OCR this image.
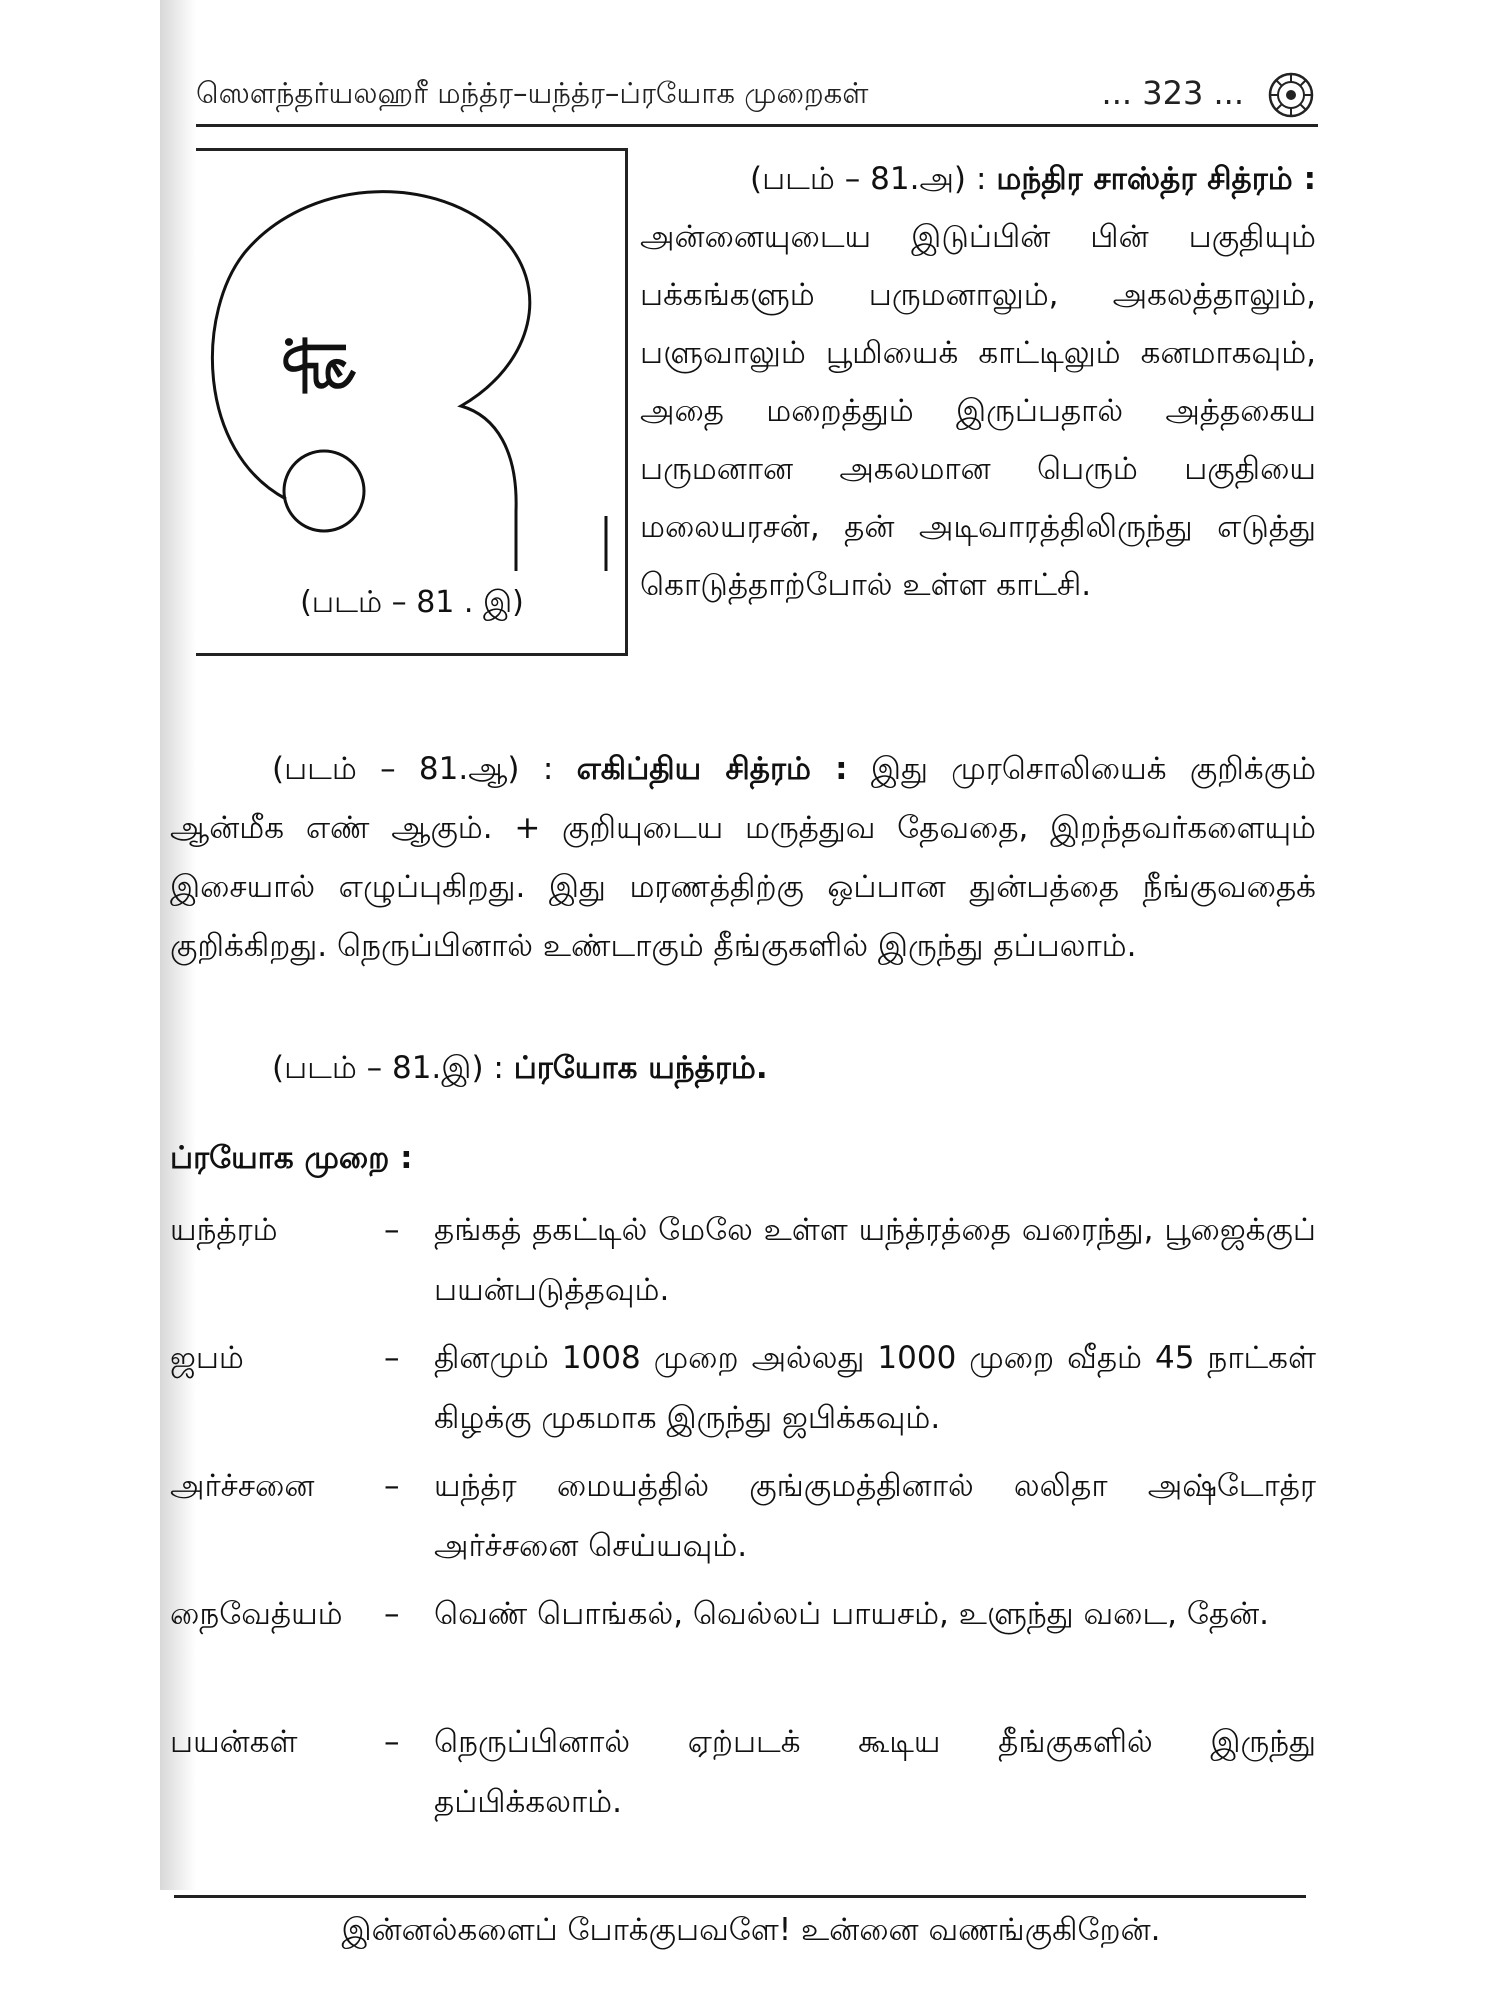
ஸௌந்தர்யலஹரீ மந்த்ர–யந்த்ர–ப்ரயோக முறைகள்	... 323 ...
ह्रीं
(படம் – 81 . இ)

(படம் – 81.அ) : மந்திர சாஸ்த்ர சித்ரம் : அன்னையுடைய இடுப்பின் பின் பகுதியும் பக்கங்களும் பருமனாலும், அகலத்தாலும், பளுவாலும் பூமியைக் காட்டிலும் கனமாகவும், அதை மறைத்தும் இருப்பதால் அத்தகைய பருமனான அகலமான பெரும் பகுதியை மலையரசன், தன் அடிவாரத்திலிருந்து எடுத்து கொடுத்தாற்போல் உள்ள காட்சி.

(படம் – 81.ஆ) : எகிப்திய சித்ரம் : இது முரசொலியைக் குறிக்கும் ஆன்மீக எண் ஆகும். + குறியுடைய மருத்துவ தேவதை, இறந்தவர்களையும் இசையால் எழுப்புகிறது. இது மரணத்திற்கு ஒப்பான துன்பத்தை நீங்குவதைக் குறிக்கிறது. நெருப்பினால் உண்டாகும் தீங்குகளில் இருந்து தப்பலாம்.

(படம் – 81.இ) : ப்ரயோக யந்த்ரம்.
ப்ரயோக முறை :
யந்த்ரம்	– தங்கத் தகட்டில் மேலே உள்ள யந்த்ரத்தை வரைந்து, பூஜைக்குப் பயன்படுத்தவும்.
ஜபம்	– தினமும் 1008 முறை அல்லது 1000 முறை வீதம் 45 நாட்கள் கிழக்கு முகமாக இருந்து ஜபிக்கவும்.
அர்ச்சனை	– யந்த்ர மையத்தில் குங்குமத்தினால் லலிதா அஷ்டோத்ர அர்ச்சனை செய்யவும்.
நைவேத்யம்	– வெண் பொங்கல், வெல்லப் பாயசம், உளுந்து வடை, தேன்.
பயன்கள்	– நெருப்பினால் ஏற்படக் கூடிய தீங்குகளில் இருந்து தப்பிக்கலாம்.
இன்னல்களைப் போக்குபவளே! உன்னை வணங்குகிறேன்.
